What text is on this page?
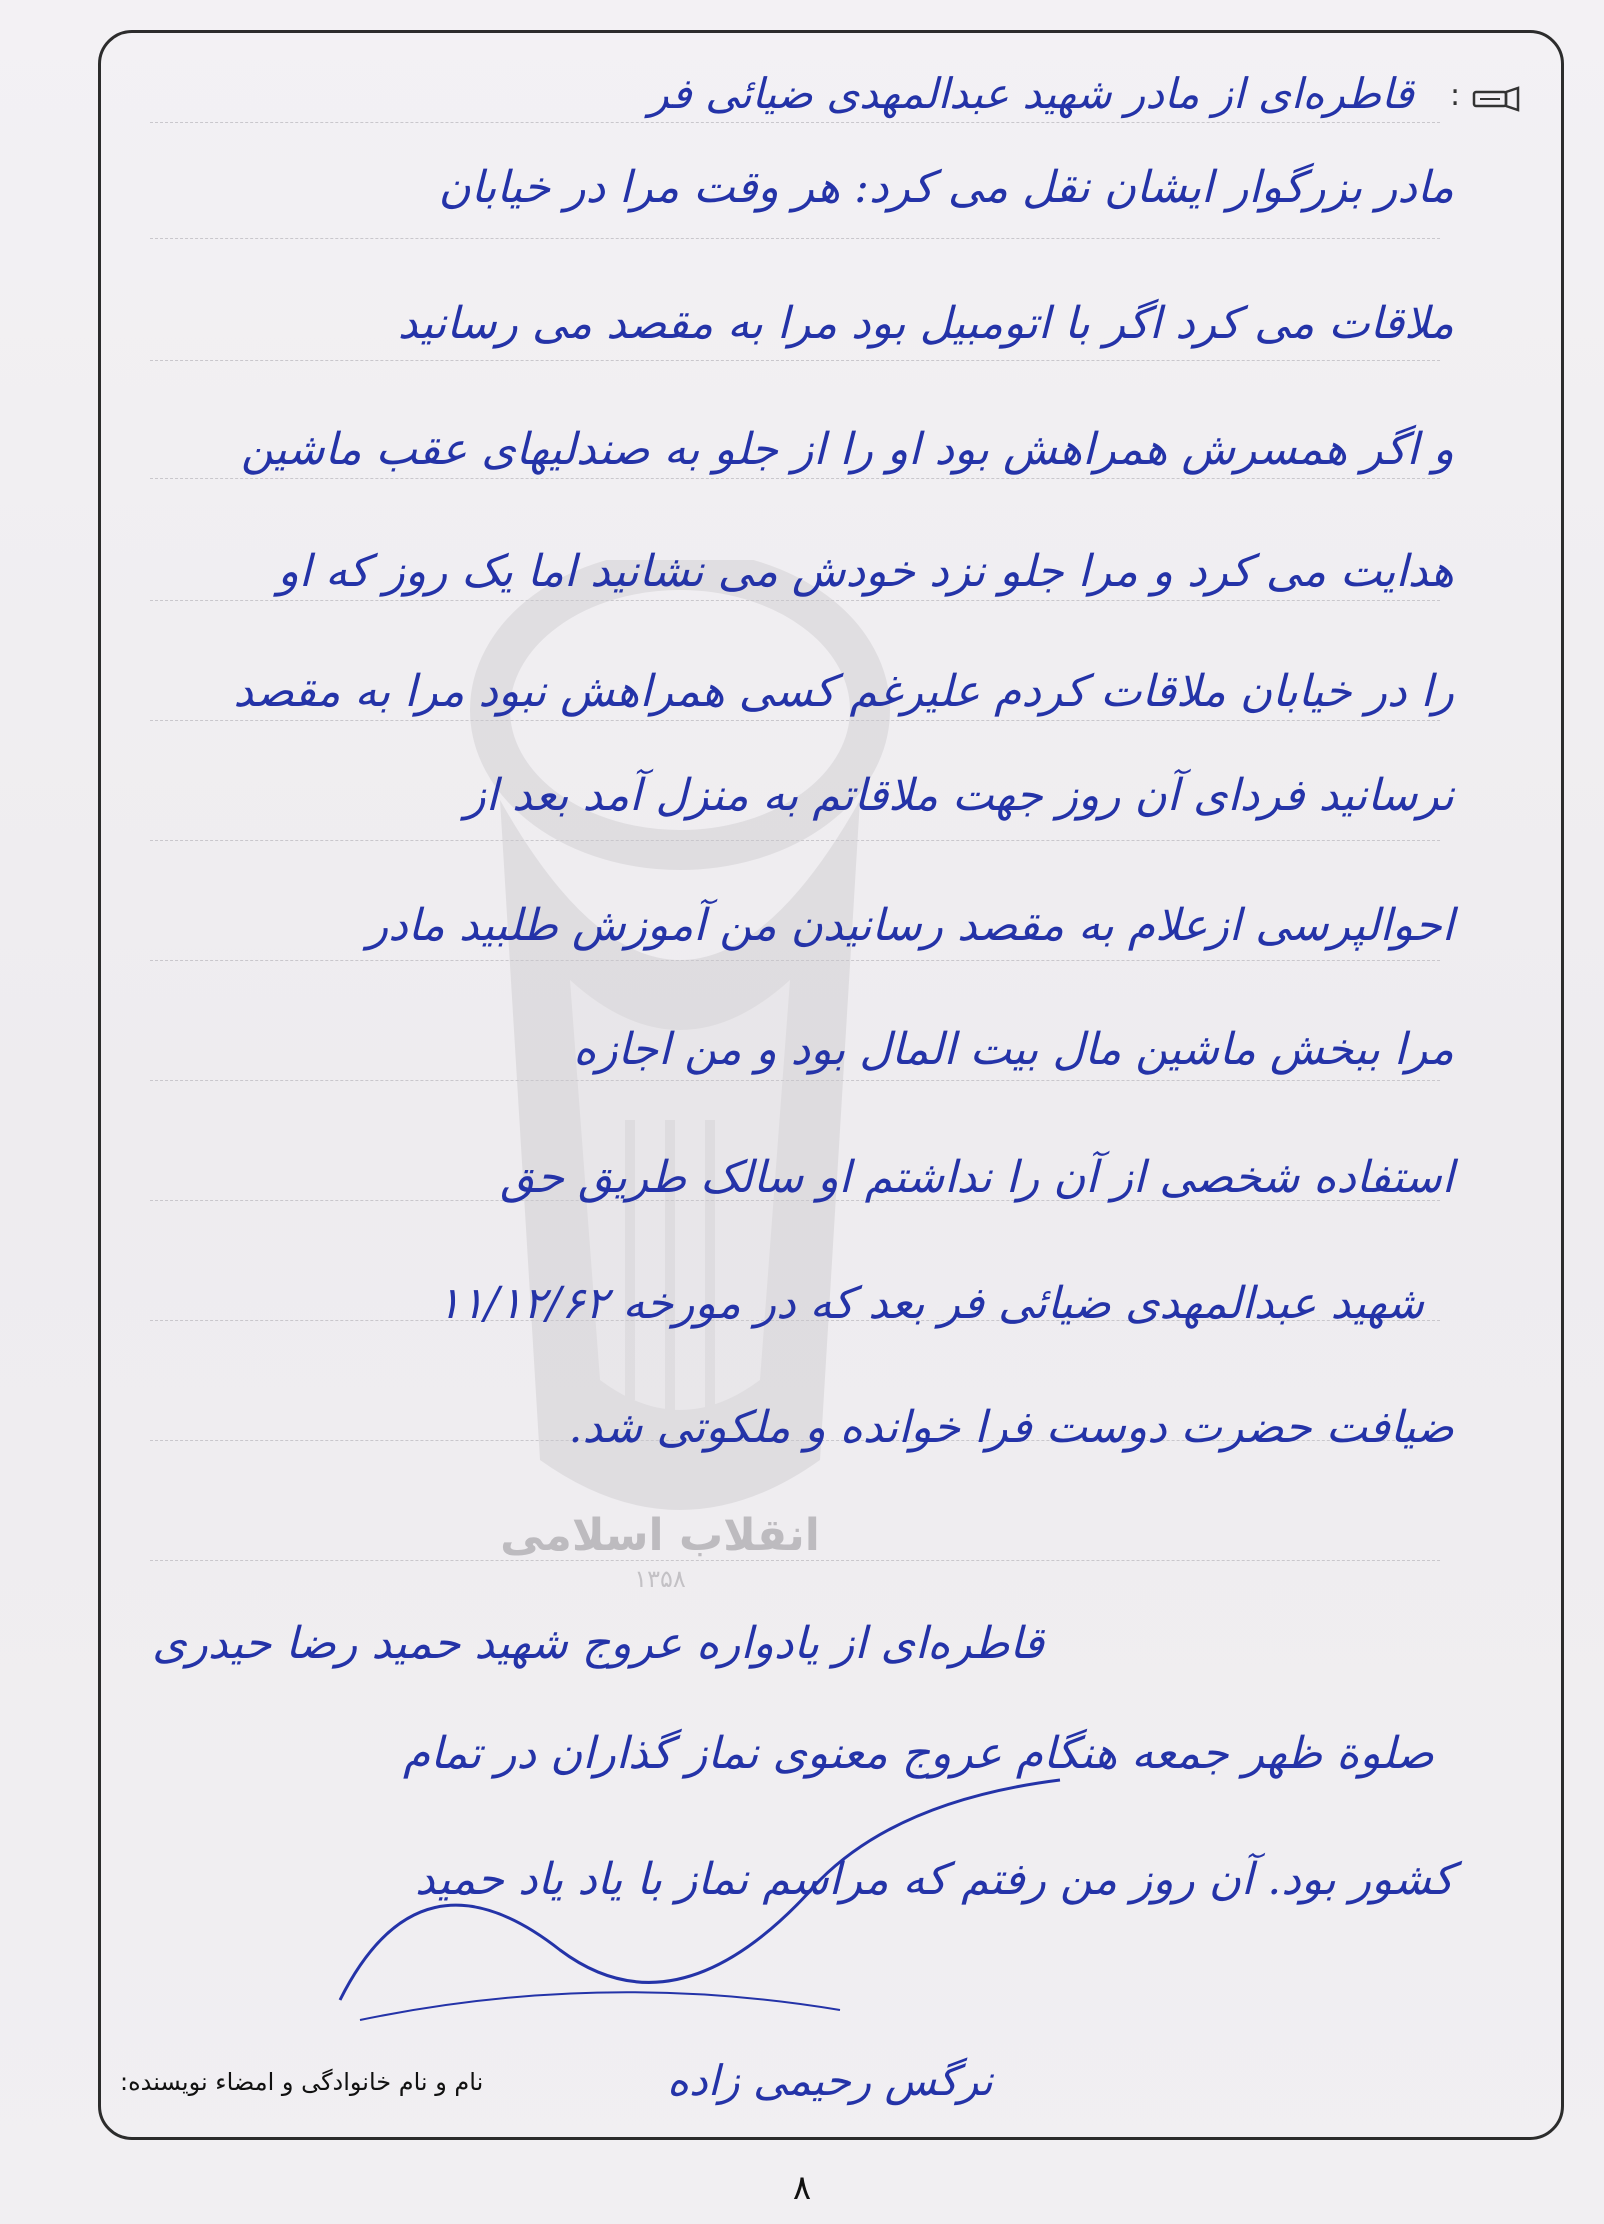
انقلاب اسلامی
۱۳۵۸
:
قاطره‌ای از مادر شهید عبدالمهدی ضیائی فر
مادر بزرگوار ایشان نقل می کرد: هر وقت مرا در خیابان
ملاقات می کرد اگر با اتومبیل بود مرا به مقصد می رسانید
و اگر همسرش همراهش بود او را از جلو به صندلیهای عقب ماشین
هدایت می کرد و مرا جلو نزد خودش می نشانید اما یک روز که او
را در خیابان ملاقات کردم علیرغم کسی همراهش نبود مرا به مقصد
نرسانید فردای آن روز جهت ملاقاتم به منزل آمد بعد از
احوالپرسی ازعلام به مقصد رسانیدن من آموزش طلبید مادر
مرا ببخش ماشین مال بیت المال بود و من اجازه
استفاده شخصی از آن را نداشتم او سالک طریق حق
شهید عبدالمهدی ضیائی فر بعد که در مورخه ۱۱/۱۲/۶۲
ضیافت حضرت دوست فرا خوانده و ملکوتی شد.
قاطره‌ای از یادواره عروج شهید حمید رضا حیدری
صلوة ظهر جمعه هنگام عروج معنوی نماز گذاران در تمام
کشور بود. آن روز من رفتم که مراسم نماز با یاد یاد حمید
نام و نام خانوادگی و امضاء نویسنده:	نرگس رحیمی زاده
۸
